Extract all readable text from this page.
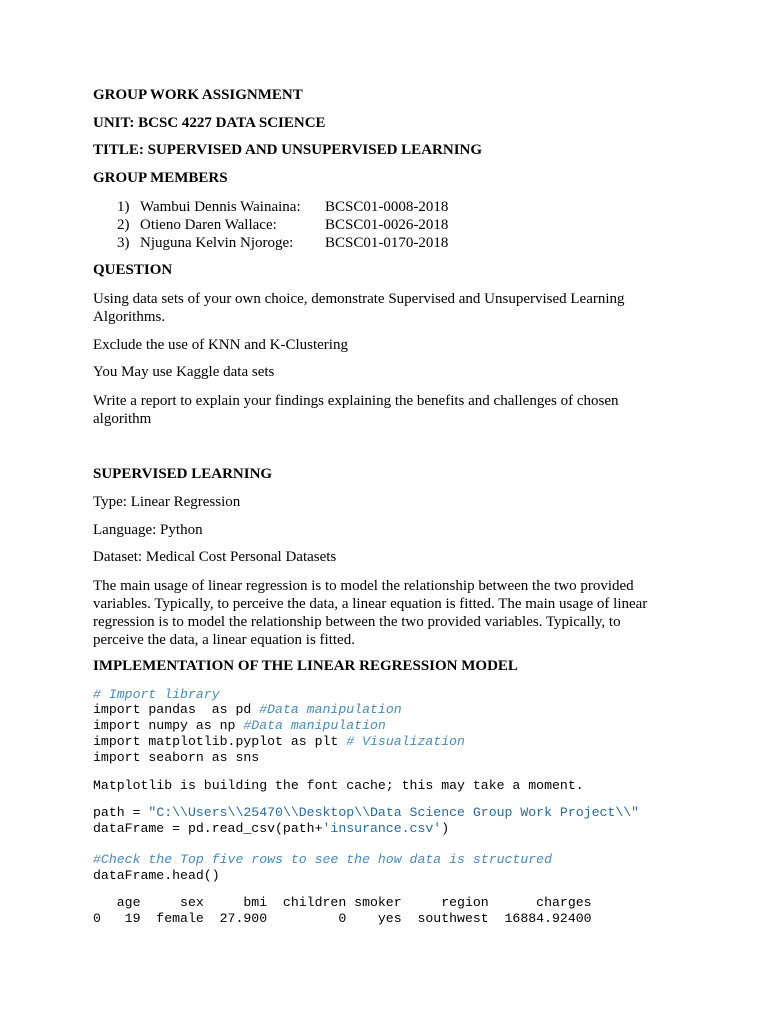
GROUP WORK ASSIGNMENT
UNIT: BCSC 4227 DATA SCIENCE
TITLE: SUPERVISED AND UNSUPERVISED LEARNING
GROUP MEMBERS
1) Wambui Dennis Wainaina: BCSC01-0008-2018
2) Otieno Daren Wallace:	BCSC01-0026-2018
3) Njuguna Kelvin Njoroge: BCSC01-0170-2018
QUESTION
Using data sets of your own choice, demonstrate Supervised and Unsupervised Learning
Algorithms.
Exclude the use of KNN and K-Clustering
You May use Kaggle data sets
Write a report to explain your findings explaining the benefits and challenges of chosen
algorithm
SUPERVISED LEARNING
Type: Linear Regression
Language: Python
Dataset: Medical Cost Personal Datasets
The main usage of linear regression is to model the relationship between the two provided
variables. Typically, to perceive the data, a linear equation is fitted. The main usage of linear
regression is to model the relationship between the two provided variables. Typically, to
perceive the data, a linear equation is fitted.
IMPLEMENTATION OF THE LINEAR REGRESSION MODEL
# Import library
import pandas  as pd #Data manipulation
import numpy as np #Data manipulation
import matplotlib.pyplot as plt # Visualization
import seaborn as sns
Matplotlib is building the font cache; this may take a moment.
path = "C:\\Users\\25470\\Desktop\\Data Science Group Work Project\\"
dataFrame = pd.read_csv(path+'insurance.csv')
#Check the Top five rows to see the how data is structured
dataFrame.head()
age     sex     bmi  children smoker     region      charges
0   19  female  27.900         0    yes  southwest  16884.92400
